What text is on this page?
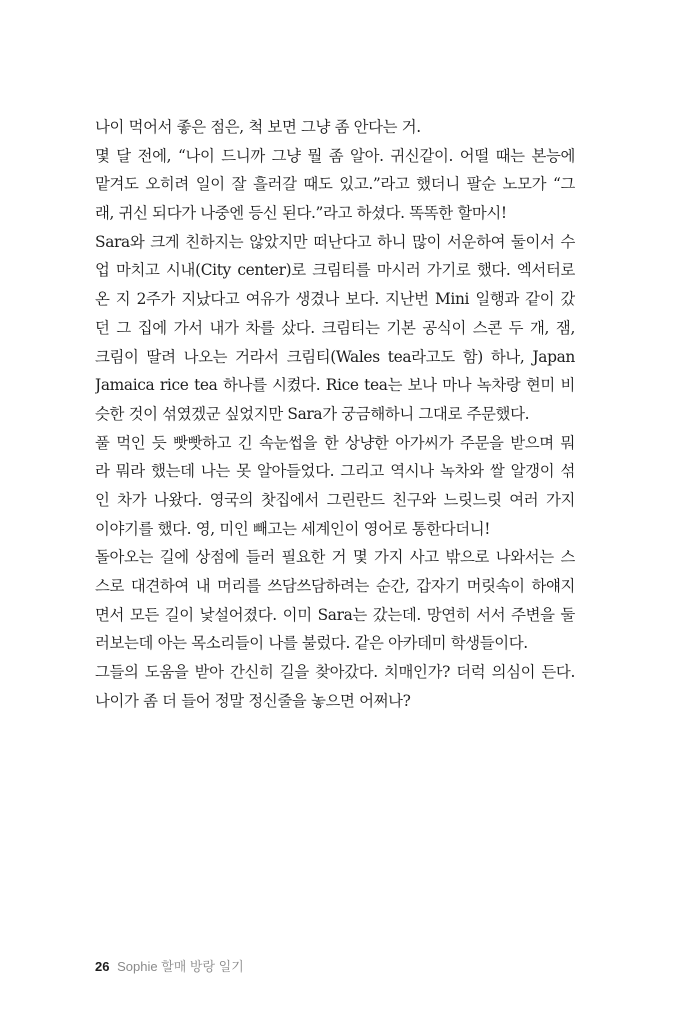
나이 먹어서 좋은 점은, 척 보면 그냥 좀 안다는 거.
몇 달 전에, “나이 드니까 그냥 뭘 좀 알아. 귀신같이. 어떨 때는 본능에
맡겨도 오히려 일이 잘 흘러갈 때도 있고.”라고 했더니 팔순 노모가 “그
래, 귀신 되다가 나중엔 등신 된다.”라고 하셨다. 똑똑한 할마시!
Sara와 크게 친하지는 않았지만 떠난다고 하니 많이 서운하여 둘이서 수
업 마치고 시내(City center)로 크림티를 마시러 가기로 했다. 엑서터로
온 지 2주가 지났다고 여유가 생겼나 보다. 지난번 Mini 일행과 같이 갔
던 그 집에 가서 내가 차를 샀다. 크림티는 기본 공식이 스콘 두 개, 잼,
크림이 딸려 나오는 거라서 크림티(Wales tea라고도 함) 하나, Japan
Jamaica rice tea 하나를 시켰다. Rice tea는 보나 마나 녹차랑 현미 비
슷한 것이 섞였겠군 싶었지만 Sara가 궁금해하니 그대로 주문했다.
풀 먹인 듯 빳빳하고 긴 속눈썹을 한 상냥한 아가씨가 주문을 받으며 뭐
라 뭐라 했는데 나는 못 알아들었다. 그리고 역시나 녹차와 쌀 알갱이 섞
인 차가 나왔다. 영국의 찻집에서 그린란드 친구와 느릿느릿 여러 가지
이야기를 했다. 영, 미인 빼고는 세계인이 영어로 통한다더니!
돌아오는 길에 상점에 들러 필요한 거 몇 가지 사고 밖으로 나와서는 스
스로 대견하여 내 머리를 쓰담쓰담하려는 순간, 갑자기 머릿속이 하얘지
면서 모든 길이 낯설어졌다. 이미 Sara는 갔는데. 망연히 서서 주변을 둘
러보는데 아는 목소리들이 나를 불렀다. 같은 아카데미 학생들이다.
그들의 도움을 받아 간신히 길을 찾아갔다. 치매인가? 더럭 의심이 든다.
나이가 좀 더 들어 정말 정신줄을 놓으면 어쩌나?
26 Sophie 할매 방랑 일기
